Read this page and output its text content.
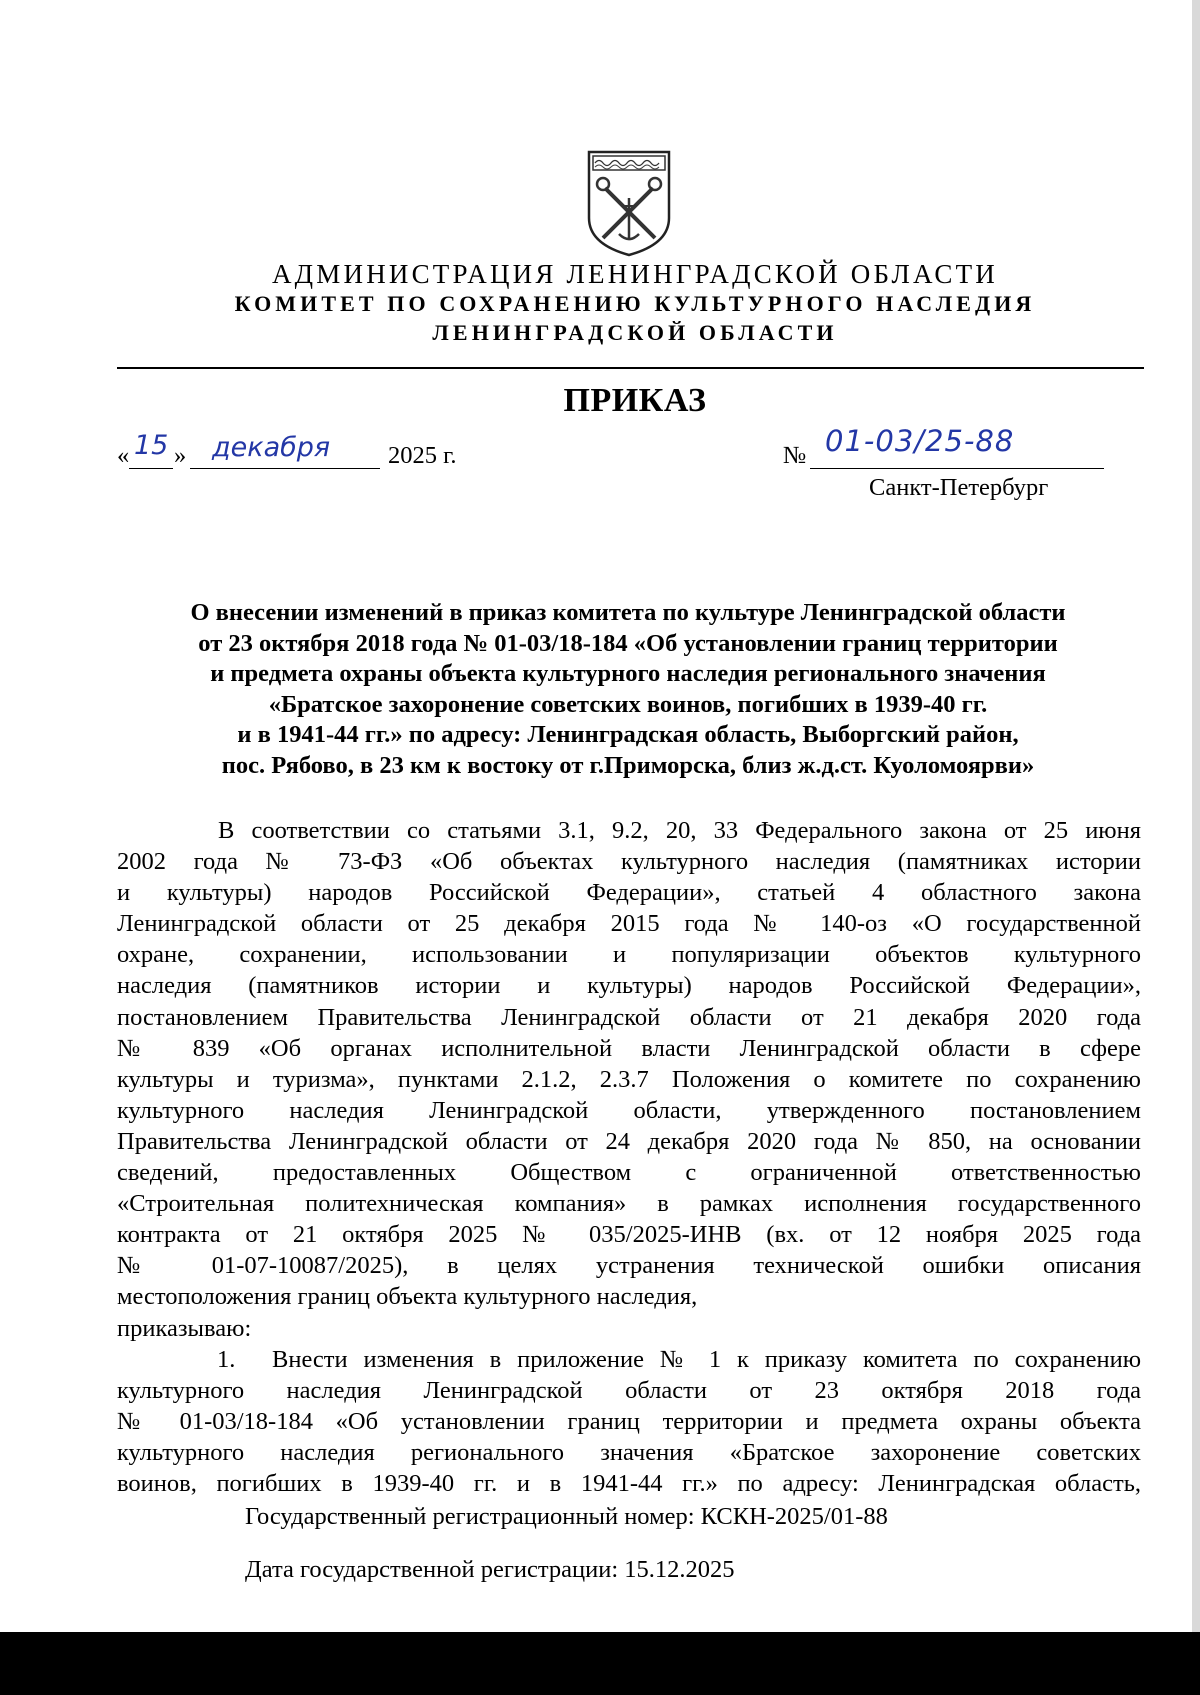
АДМИНИСТРАЦИЯ ЛЕНИНГРАДСКОЙ ОБЛАСТИ
КОМИТЕТ ПО СОХРАНЕНИЮ КУЛЬТУРНОГО НАСЛЕДИЯ
ЛЕНИНГРАДСКОЙ ОБЛАСТИ
ПРИКАЗ
« 15 » декабря 2025 г.	№ 01-03/25-88
Санкт-Петербург
О внесении изменений в приказ комитета по культуре Ленинградской области
от 23 октября 2018 года № 01-03/18-184 «Об установлении границ территории
и предмета охраны объекта культурного наследия регионального значения
«Братское захоронение советских воинов, погибших в 1939-40 гг.
и в 1941-44 гг.» по адресу: Ленинградская область, Выборгский район,
пос. Рябово, в 23 км к востоку от г.Приморска, близ ж.д.ст. Куоломоярви»

В соответствии со статьями 3.1, 9.2, 20, 33 Федерального закона от 25 июня

2002 года № 73-ФЗ «Об объектах культурного наследия (памятниках истории

и культуры) народов Российской Федерации», статьей 4 областного закона

Ленинградской области от 25 декабря 2015 года № 140-оз «О государственной

охране, сохранении, использовании и популяризации объектов культурного

наследия (памятников истории и культуры) народов Российской Федерации»,

постановлением Правительства Ленинградской области от 21 декабря 2020 года

№ 839 «Об органах исполнительной власти Ленинградской области в сфере

культуры и туризма», пунктами 2.1.2, 2.3.7 Положения о комитете по сохранению

культурного наследия Ленинградской области, утвержденного постановлением

Правительства Ленинградской области от 24 декабря 2020 года № 850, на основании

сведений, предоставленных Обществом с ограниченной ответственностью

«Строительная политехническая компания» в рамках исполнения государственного

контракта от 21 октября 2025 № 035/2025-ИНВ (вх. от 12 ноября 2025 года

№ 01-07-10087/2025), в целях устранения технической ошибки описания

местоположения границ объекта культурного наследия,

приказываю:

1.	Внести изменения в приложение № 1 к приказу комитета по сохранению

культурного наследия Ленинградской области от 23 октября 2018 года

№ 01-03/18-184 «Об установлении границ территории и предмета охраны объекта

культурного наследия регионального значения «Братское захоронение советских

воинов, погибших в 1939-40 гг. и в 1941-44 гг.» по адресу: Ленинградская область,

Государственный регистрационный номер: КСКН-2025/01-88
Дата государственной регистрации: 15.12.2025
